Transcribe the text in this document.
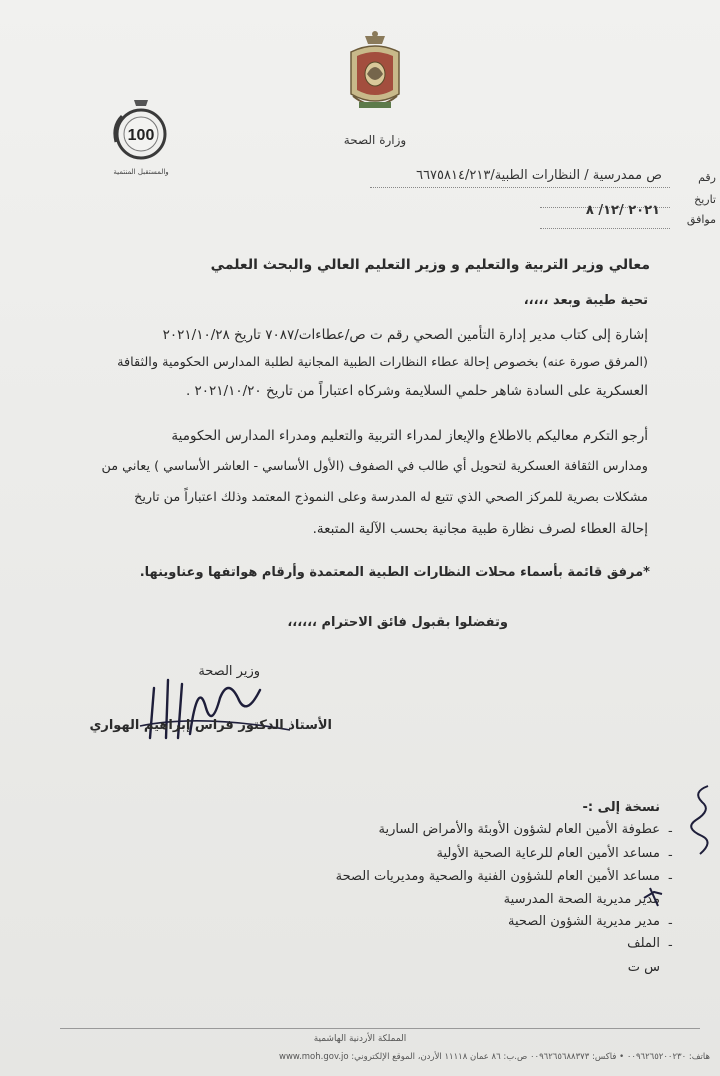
وزارة الصحة
100
والمستقبل المنتمية	رقم
تاريخ
موافق
ص م‍‍مدرسية / النظارات الطبية/٦٦٧٥٨١٤/٢١٣
٢٠٢١ /١٢/ ٨
معالي وزير التربية والتعليم و وزير التعليم العالي والبحث العلمي
تحية طيبة وبعد ،،،،،
إشارة إلى كتاب مدير إدارة التأمين الصحي رقم ت ص/عطاءات/٧٠٨٧ تاريخ ٢٠٢١/١٠/٢٨
(المرفق صورة عنه) بخصوص إحالة عطاء النظارات الطبية المجانية لطلبة المدارس الحكومية والثقافة
العسكرية على السادة شاهر حلمي السلايمة وشركاه اعتباراً من تاريخ ٢٠٢١/١٠/٢٠ .
أرجو التكرم معاليكم بالاطلاع والإيعاز لمدراء التربية والتعليم ومدراء المدارس الحكومية
ومدارس الثقافة العسكرية لتحويل أي طالب في الصفوف (الأول الأساسي - العاشر الأساسي ) يعاني من
مشكلات بصرية للمركز الصحي الذي تتبع له المدرسة وعلى النموذج المعتمد وذلك اعتباراً من تاريخ
إحالة العطاء لصرف نظارة طبية مجانية بحسب الآلية المتبعة.
*مرفق قائمة بأسماء محلات النظارات الطبية المعتمدة وأرقام هواتفها وعناوينها.
وتفضلوا بقبول فائق الاحترام ،،،،،،
وزير الصحة
الأستاذ الدكتور فراس إبراهيم الهواري
نسخة إلى :-
-
عطوفة الأمين العام لشؤون الأوبئة والأمراض السارية
-
مساعد الأمين العام للرعاية الصحية الأولية
-
مساعد الأمين العام للشؤون الفنية والصحية ومديريات الصحة
مدير مديرية الصحة المدرسية
-
مدير مديرية الشؤون الصحية
-
الملف
س ت
المملكة الأردنية الهاشمية
هاتف: ٠٠٩٦٢٦٥٢٠٠٢٣٠ • فاكس: ٠٠٩٦٢٦٥٦٨٨٣٧٣ ص.ب: ٨٦ عمان ١١١١٨ الأردن، الموقع الإلكتروني: www.moh.gov.jo
